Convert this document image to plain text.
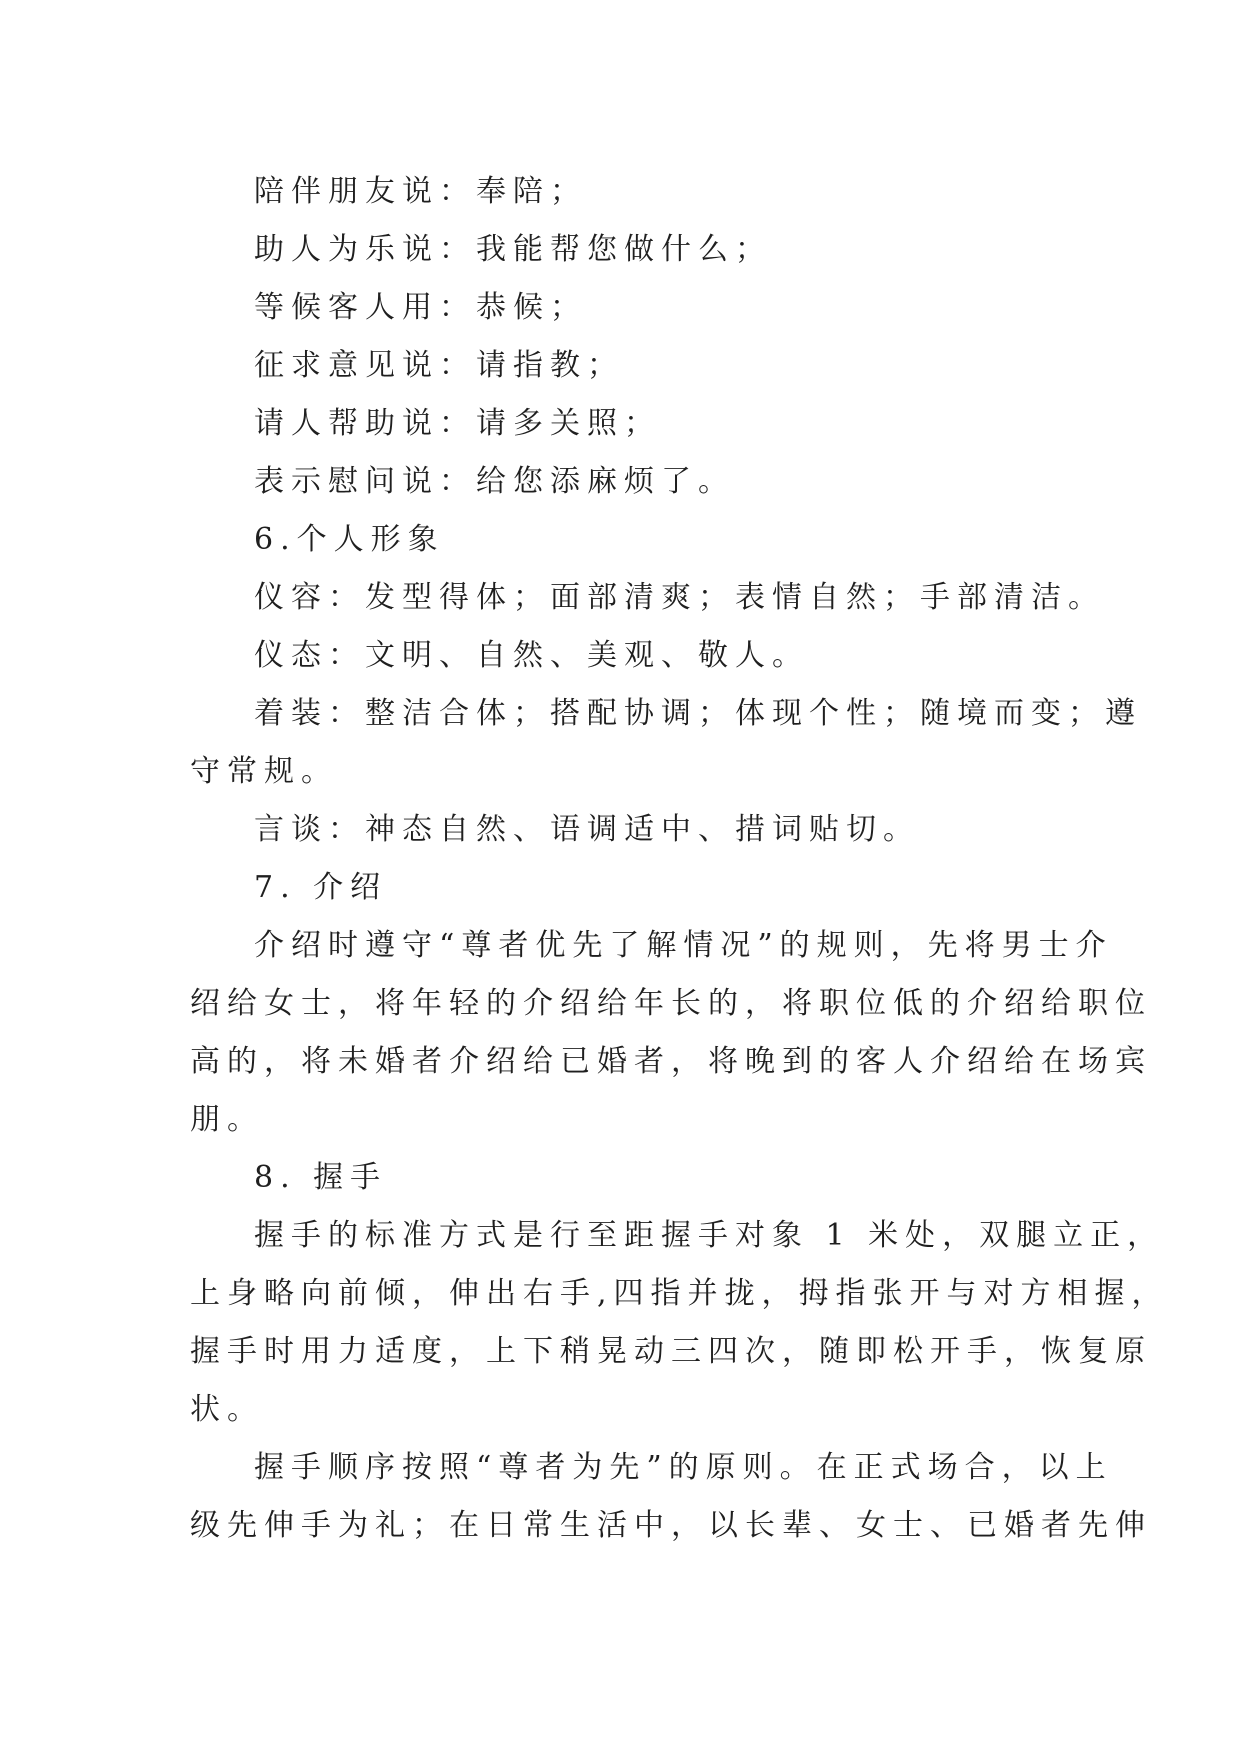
陪伴朋友说：奉陪；
助人为乐说：我能帮您做什么；
等候客人用：恭候；
征求意见说：请指教；
请人帮助说：请多关照；
表示慰问说：给您添麻烦了。
6.个人形象
仪容：发型得体；面部清爽；表情自然；手部清洁。
仪态：文明、自然、美观、敬人。
着装：整洁合体；搭配协调；体现个性；随境而变；遵
守常规。
言谈：神态自然、语调适中、措词贴切。
7. 介绍
介绍时遵守“尊者优先了解情况”的规则，先将男士介
绍给女士，将年轻的介绍给年长的，将职位低的介绍给职位
高的，将未婚者介绍给已婚者，将晚到的客人介绍给在场宾
朋。
8. 握手
握手的标准方式是行至距握手对象 1 米处，双腿立正，
上身略向前倾，伸出右手,四指并拢，拇指张开与对方相握，
握手时用力适度，上下稍晃动三四次，随即松开手，恢复原
状。
握手顺序按照“尊者为先”的原则。在正式场合，以上
级先伸手为礼；在日常生活中，以长辈、女士、已婚者先伸
